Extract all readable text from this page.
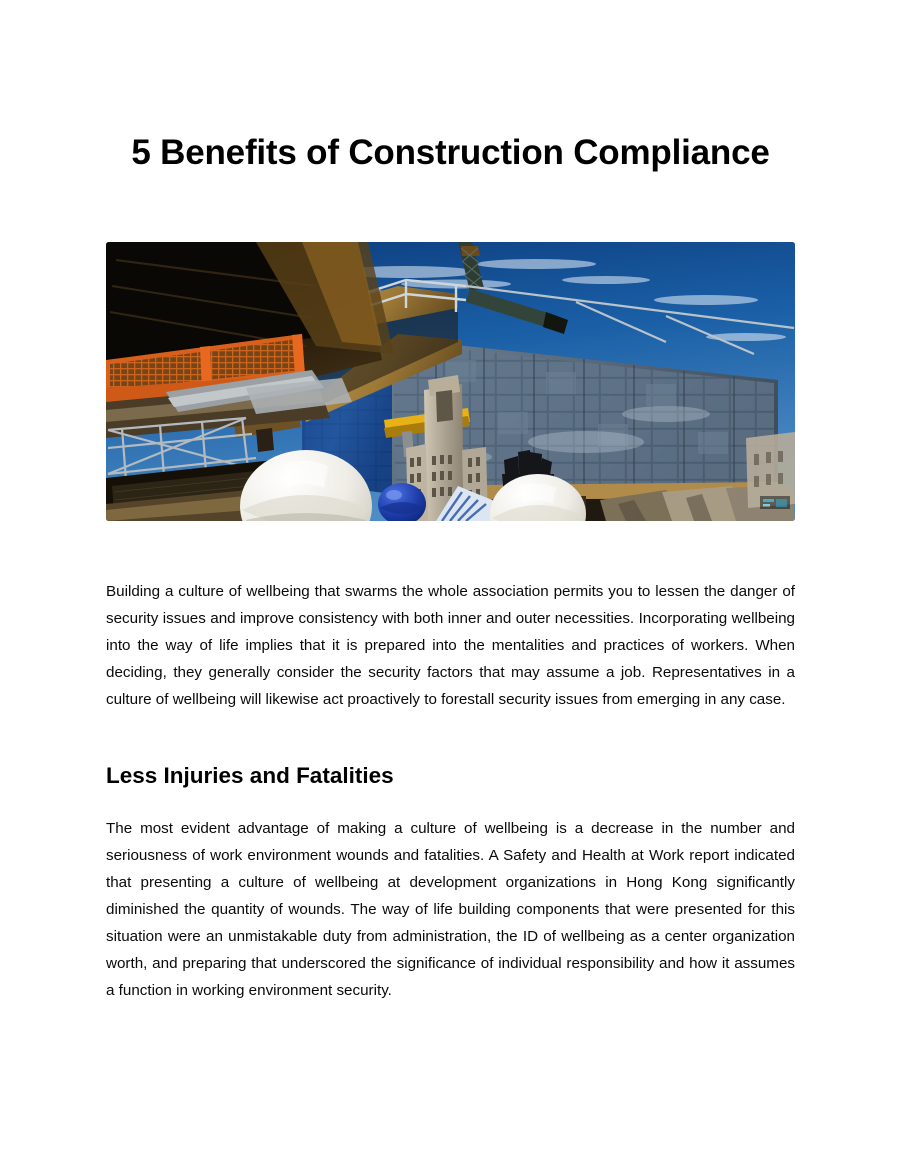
5 Benefits of Construction Compliance

Building a culture of wellbeing that swarms the whole association permits you to lessen the danger of security issues and improve consistency with both inner and outer necessities. Incorporating wellbeing into the way of life implies that it is prepared into the mentalities and practices of workers. When deciding, they generally consider the security factors that may assume a job. Representatives in a culture of wellbeing will likewise act proactively to forestall security issues from emerging in any case.

Less Injuries and Fatalities

The most evident advantage of making a culture of wellbeing is a decrease in the number and seriousness of work environment wounds and fatalities. A Safety and Health at Work report indicated that presenting a culture of wellbeing at development organizations in Hong Kong significantly diminished the quantity of wounds. The way of life building components that were presented for this situation were an unmistakable duty from administration, the ID of wellbeing as a center organization worth, and preparing that underscored the significance of individual responsibility and how it assumes a function in working environment security.
